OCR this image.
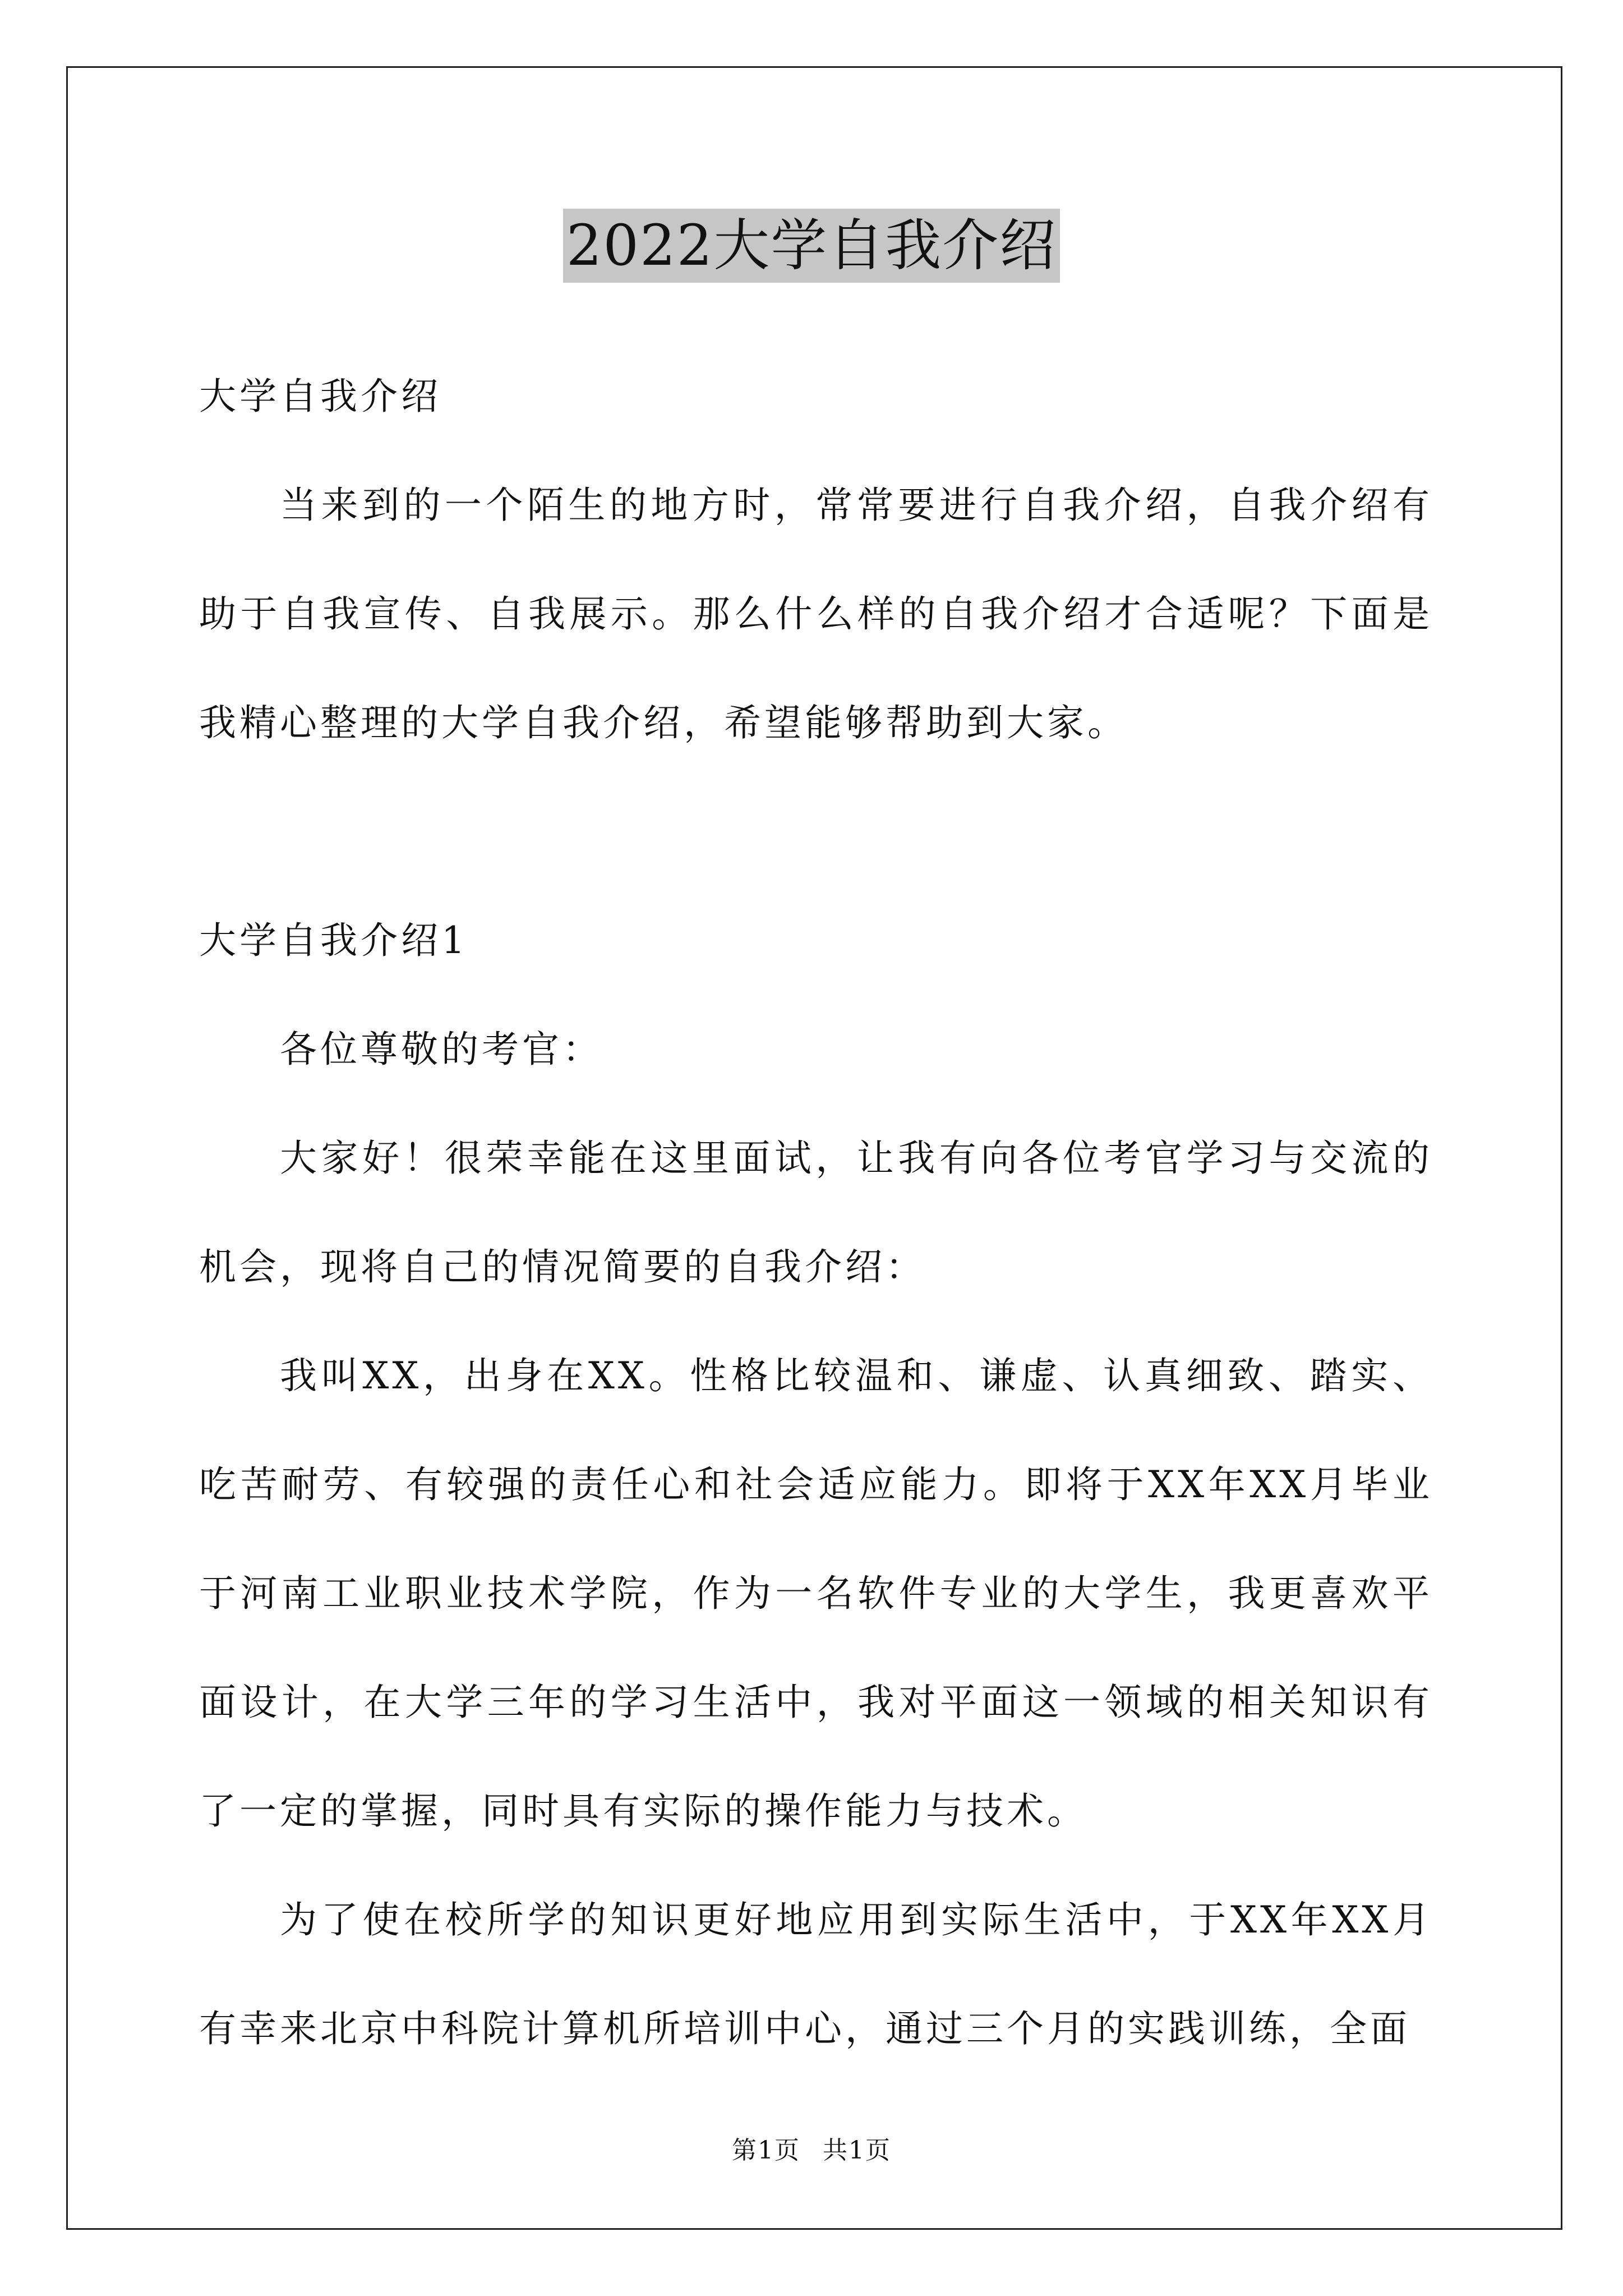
2022大学自我介绍

大学自我介绍

当来到的一个陌生的地方时，常常要进行自我介绍，自我介绍有助于自我宣传、自我展示。那么什么样的自我介绍才合适呢？下面是我精心整理的大学自我介绍，希望能够帮助到大家。

大学自我介绍1

各位尊敬的考官：

大家好！很荣幸能在这里面试，让我有向各位考官学习与交流的机会，现将自己的情况简要的自我介绍：

我叫XX，出身在XX。性格比较温和、谦虚、认真细致、踏实、吃苦耐劳、有较强的责任心和社会适应能力。即将于XX年XX月毕业于河南工业职业技术学院，作为一名软件专业的大学生，我更喜欢平面设计，在大学三年的学习生活中，我对平面这一领域的相关知识有了一定的掌握，同时具有实际的操作能力与技术。

为了使在校所学的知识更好地应用到实际生活中，于XX年XX月有幸来北京中科院计算机所培训中心，通过三个月的实践训练，全面

第1页 共1页
